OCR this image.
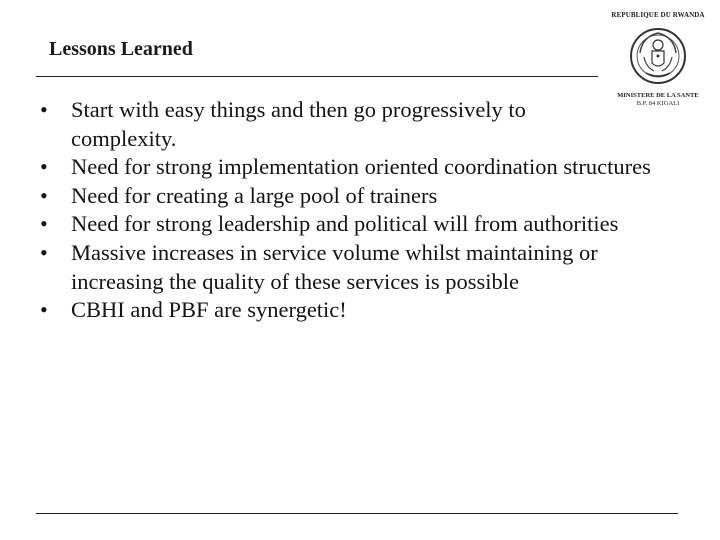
Lessons Learned
REPUBLIQUE DU RWANDA
MINISTERE DE LA SANTE
B.P. 84 KIGALI
• Start with easy things and then go progressively to complexity.
• Need for strong implementation oriented coordination structures
• Need for creating a large pool of trainers
• Need for strong leadership and political will from authorities
• Massive increases in service volume whilst maintaining or increasing the quality of these services is possible
• CBHI and PBF are synergetic!
